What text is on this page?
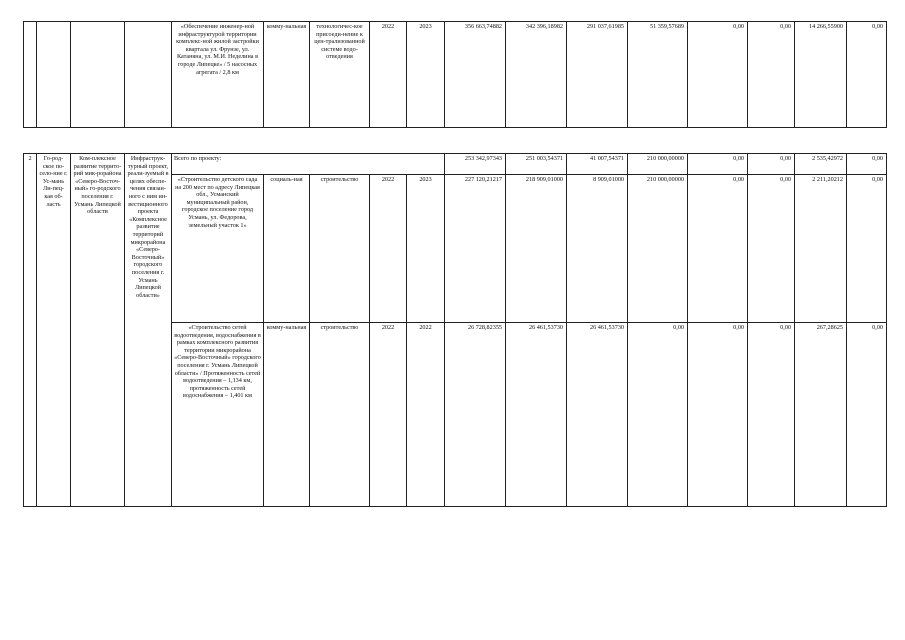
				«Обеспечение инженер-ной инфраструктурой территории комплекс-ной жилой застройки квартала ул. Фрунзе, ул. Катаняна, ул. М.И. Неделина в городе Липецке» / 5 насосных агрегата / 2,8 км	комму-нальная	технологичес-кое присоеди-нение к цен-трализованной системе водо-отведения	2022	2023	356 663,74882	342 396,18982	291 037,61985	51 359,57689	0,00	0,00	14 266,55900	0,00
2	Го-род-ское по-село-ние г. Ус-мань Ли-пец-кая об-ласть	Ком-плексное развитие террито-рий мик-рорайона «Северо-Восточ-ный» го-родского поселения г. Усмань Липецкой области	Инфраструк-турный проект, реали-зуемый в целях обеспе-чения связан-ного с ним ин-вестиционного проекта «Комплексное развитие территорий микрорайона «Северо-Восточный» городского поселения г. Усмань Липецкой области»	Всего по проекту:					253 342,97343	251 003,54371	41 007,54371	210 000,00000	0,00	0,00	2 535,42972	0,00
				«Строительство детского сада на 200 мест по адресу Липецкая обл., Усманский муниципальный район, городское поселение город Усмань, ул. Федорова, земельный участок 1»	социаль-ная	строительство	2022	2023	227 120,21217	218 909,01000	8 909,01000	210 000,00000	0,00	0,00	2 211,20212	0,00
				«Строительство сетей водоотведения, водоснабжения в рамках комплексного развития территории микрорайона «Северо-Восточный» городского поселения г. Усмань Липецкой области» / Протяженность сетей водоотведения – 1,134 км, протяженность сетей водоснабжения – 1,401 км	комму-нальная	строительство	2022	2022	26 728,82355	26 461,53730	26 461,53730	0,00	0,00	0,00	267,28625	0,00
